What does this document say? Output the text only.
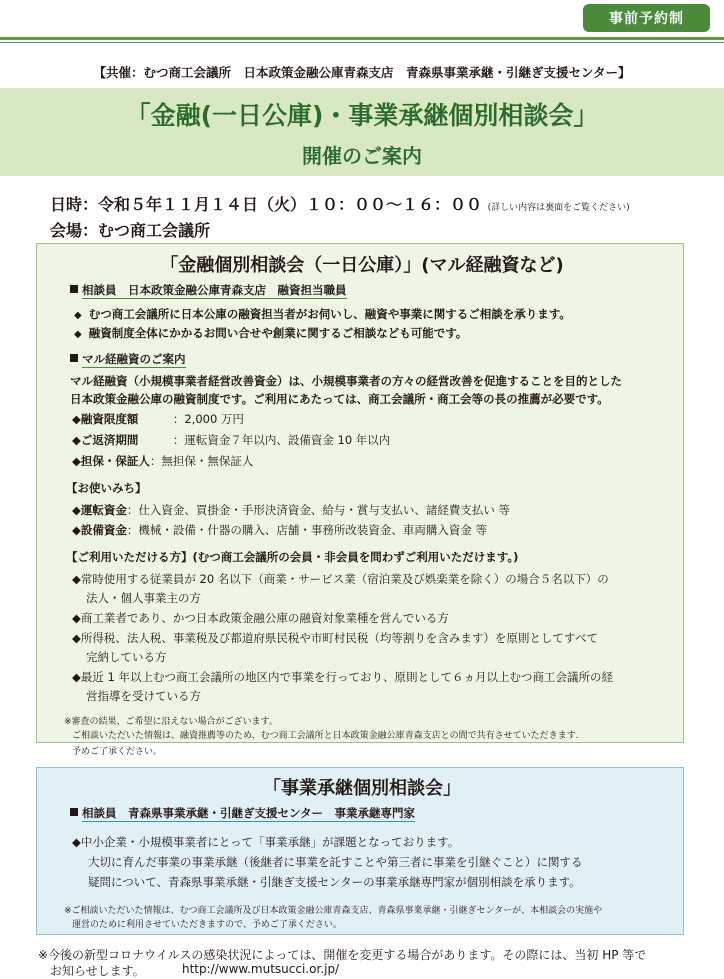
事前予約制
【共催：むつ商工会議所　日本政策金融公庫青森支店　青森県事業承継・引継ぎ支援センター】
「金融(一日公庫)・事業承継個別相談会」
開催のご案内
日時：令和５年１１月１４日（火）１０：００～１６：００ (詳しい内容は裏面をご覧ください)
会場：むつ商工会議所
「金融個別相談会（一日公庫）」(マル経融資など)
相談員　日本政策金融公庫青森支店　融資担当職員
◆ むつ商工会議所に日本公庫の融資担当者がお伺いし、融資や事業に関するご相談を承ります。
◆ 融資制度全体にかかるお問い合せや創業に関するご相談なども可能です。
マル経融資のご案内
マル経融資（小規模事業者経営改善資金）は、小規模事業者の方々の経営改善を促進することを目的とした
日本政策金融公庫の融資制度です。ご利用にあたっては、商工会議所・商工会等の長の推薦が必要です。
◆融資限度額	：2,000 万円
◆ご返済期間	：運転資金７年以内、設備資金 10 年以内
◆担保・保証人：無担保・無保証人
【お使いみち】
◆運転資金：仕入資金、買掛金・手形決済資金、給与・賞与支払い、諸経費支払い 等
◆設備資金：機械・設備・什器の購入、店舗・事務所改装資金、車両購入資金 等
【ご利用いただける方】(むつ商工会議所の会員・非会員を問わずご利用いただけます。)
◆常時使用する従業員が 20 名以下（商業・サービス業（宿泊業及び娯楽業を除く）の場合５名以下）の
法人・個人事業主の方
◆商工業者であり、かつ日本政策金融公庫の融資対象業種を営んでいる方
◆所得税、法人税、事業税及び都道府県民税や市町村民税（均等割りを含みます）を原則としてすべて
完納している方
◆最近 1 年以上むつ商工会議所の地区内で事業を行っており、原則として６ヵ月以上むつ商工会議所の経
営指導を受けている方
※審査の結果、ご希望に沿えない場合がございます。
ご相談いただいた情報は、融資推薦等のため、むつ商工会議所と日本政策金融公庫青森支店との間で共有させていただきます.
予めご了承ください。
「事業承継個別相談会」
相談員　青森県事業承継・引継ぎ支援センター　事業承継専門家
◆中小企業・小規模事業者にとって「事業承継」が課題となっております。
大切に育んだ事業の事業承継（後継者に事業を託すことや第三者に事業を引継ぐこと）に関する
疑問について、青森県事業承継・引継ぎ支援センターの事業承継専門家が個別相談を承ります。
※ご相談いただいた情報は、むつ商工会議所及び日本政策金融公庫青森支店、青森県事業承継・引継ぎセンターが、本相談会の実施や
運営のために利用させていただきますので、予めご了承ください。
※今後の新型コロナウイルスの感染状況によっては、開催を変更する場合があります。その際には、当初 HP 等で
お知らせします。	http://www.mutsucci.or.jp/
